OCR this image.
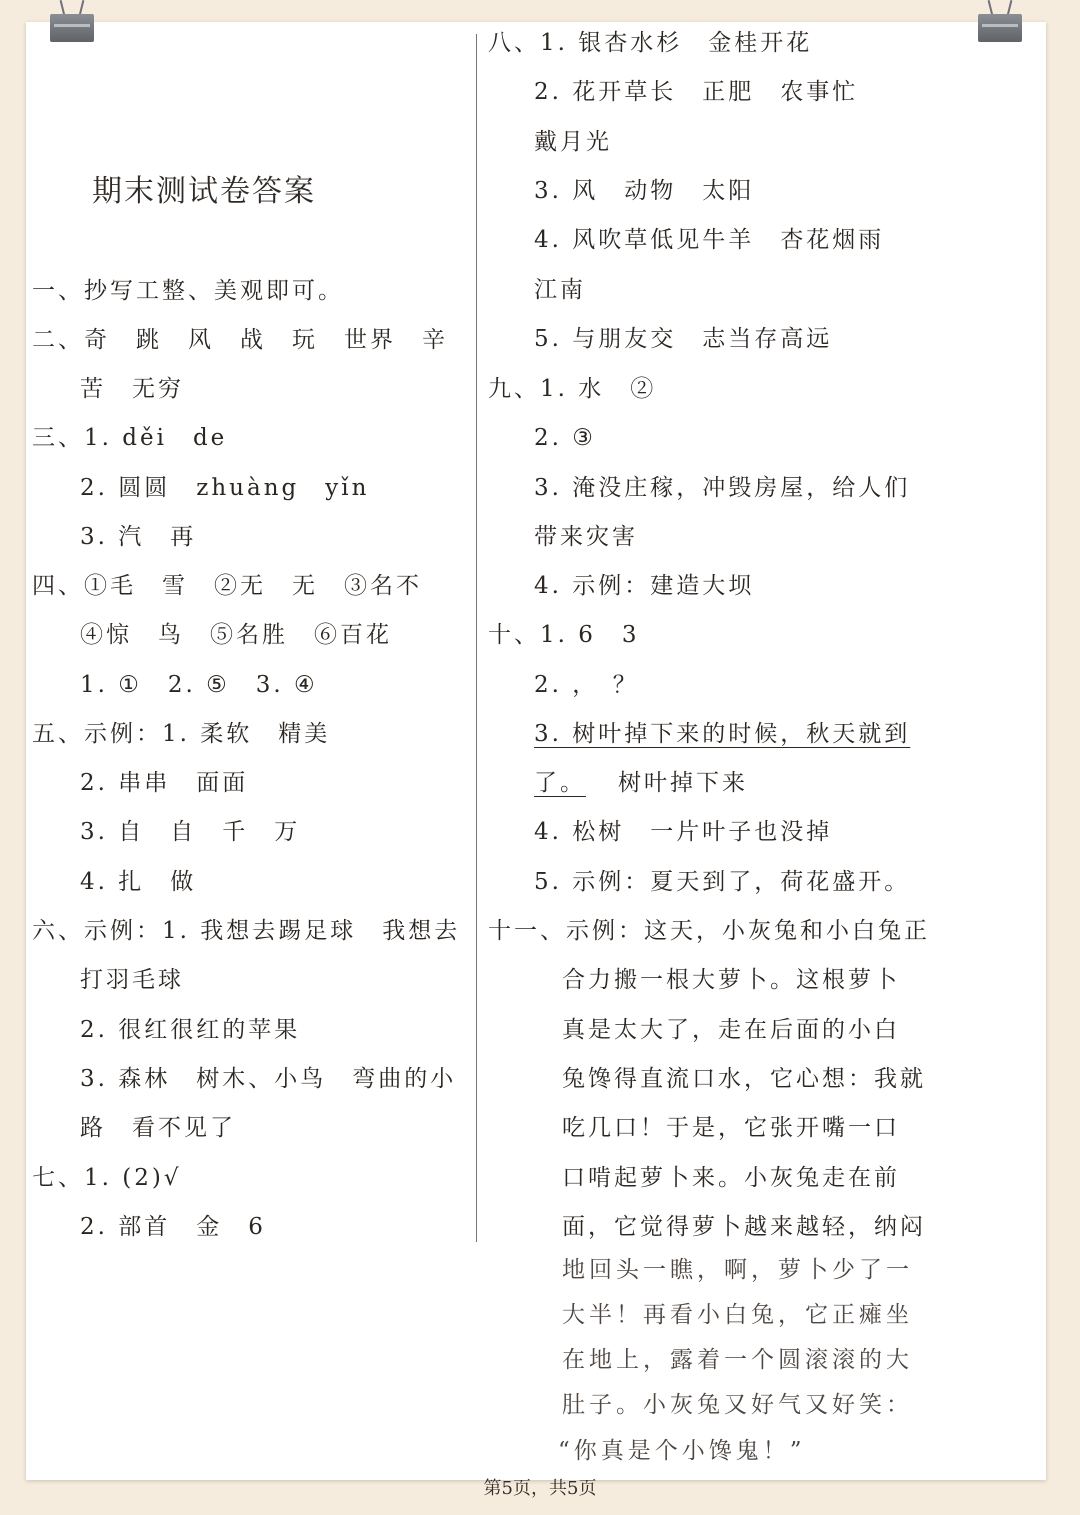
期末测试卷答案
一、抄写工整、美观即可。
二、奇　跳　风　战　玩　世界　辛
苦　无穷
三、1. děi　de
2. 圆圆　zhuàng　yǐn
3. 汽　再
四、①毛　雪　②无　无　③名不
④惊　鸟　⑤名胜　⑥百花
1. ①　2. ⑤　3. ④
五、示例：1. 柔软　精美
2. 串串　面面
3. 自　自　千　万
4. 扎　做
六、示例：1. 我想去踢足球　我想去
打羽毛球
2. 很红很红的苹果
3. 森林　树木、小鸟　弯曲的小
路　看不见了
七、1. (2)√
2. 部首　金　6
八、1. 银杏水杉　金桂开花
2. 花开草长　正肥　农事忙
戴月光
3. 风　动物　太阳
4. 风吹草低见牛羊　杏花烟雨
江南
5. 与朋友交　志当存高远
九、1. 水　②
2. ③
3. 淹没庄稼，冲毁房屋，给人们
带来灾害
4. 示例：建造大坝
十、1. 6　3
2. ，　？
3. 树叶掉下来的时候，秋天就到
了。 树叶掉下来
4. 松树　一片叶子也没掉
5. 示例：夏天到了，荷花盛开。
十一、示例：这天，小灰兔和小白兔正
合力搬一根大萝卜。这根萝卜
真是太大了，走在后面的小白
兔馋得直流口水，它心想：我就
吃几口！于是，它张开嘴一口
口啃起萝卜来。小灰兔走在前
面，它觉得萝卜越来越轻，纳闷
地回头一瞧，啊，萝卜少了一
大半！再看小白兔，它正瘫坐
在地上，露着一个圆滚滚的大
肚子。小灰兔又好气又好笑：
“你真是个小馋鬼！”
第5页，共5页
